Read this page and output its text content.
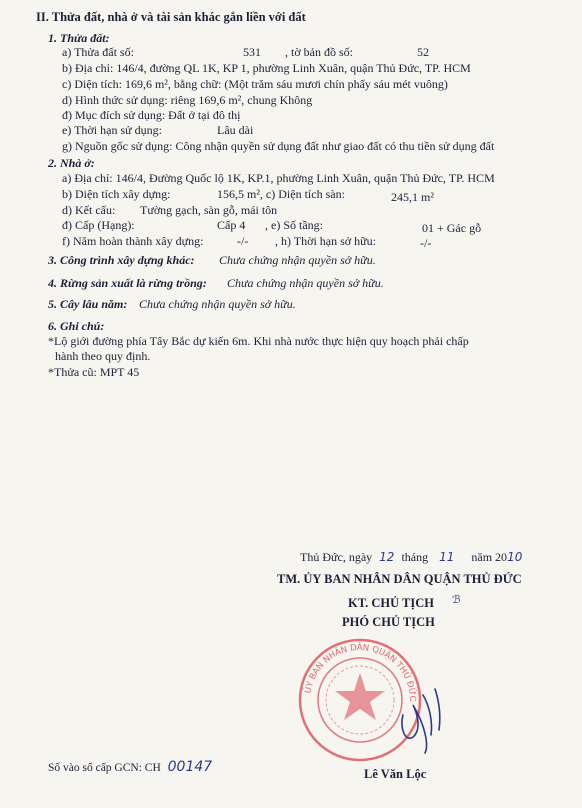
II. Thửa đất, nhà ở và tài sản khác gắn liền với đất
1. Thửa đất:
a) Thửa đất số:	531 , tờ bản đồ số:	52
b) Địa chỉ: 146/4, đường QL 1K, KP 1, phường Linh Xuân, quận Thủ Đức, TP. HCM
c) Diện tích: 169,6 m², bằng chữ: (Một trăm sáu mươi chín phẩy sáu mét vuông)
d) Hình thức sử dụng: riêng 169,6 m², chung Không
đ) Mục đích sử dụng: Đất ở tại đô thị
e) Thời hạn sử dụng:	Lâu dài
g) Nguồn gốc sử dụng: Công nhận quyền sử dụng đất như giao đất có thu tiền sử dụng đất
2. Nhà ở:
a) Địa chỉ: 146/4, Đường Quốc lộ 1K, KP.1, phường Linh Xuân, quận Thủ Đức, TP. HCM
b) Diện tích xây dựng:	156,5 m², c) Diện tích sàn:	245,1 m²
d) Kết cấu: Tường gạch, sàn gỗ, mái tôn
đ) Cấp (Hạng):	Cấp 4 , e) Số tầng:	01 + Gác gỗ
f) Năm hoàn thành xây dựng:	-/- , h) Thời hạn sở hữu:	-/-
3. Công trình xây dựng khác: Chưa chứng nhận quyền sở hữu.
4. Rừng sản xuất là rừng trồng: Chưa chứng nhận quyền sở hữu.
5. Cây lâu năm: Chưa chứng nhận quyền sở hữu.
6. Ghi chú:
*Lộ giới đường phía Tây Bắc dự kiến 6m. Khi nhà nước thực hiện quy hoạch phải chấp
hành theo quy định.
*Thửa cũ: MPT 45
Thủ Đức, ngày 12 tháng 11 năm 2010
TM. ỦY BAN NHÂN DÂN QUẬN THỦ ĐỨC
KT. CHỦ TỊCH ℬ
PHÓ CHỦ TỊCH
ỦY BAN NHÂN DÂN QUẬN THỦ ĐỨC
Lê Văn Lộc
Số vào sổ cấp GCN: CH 00147
